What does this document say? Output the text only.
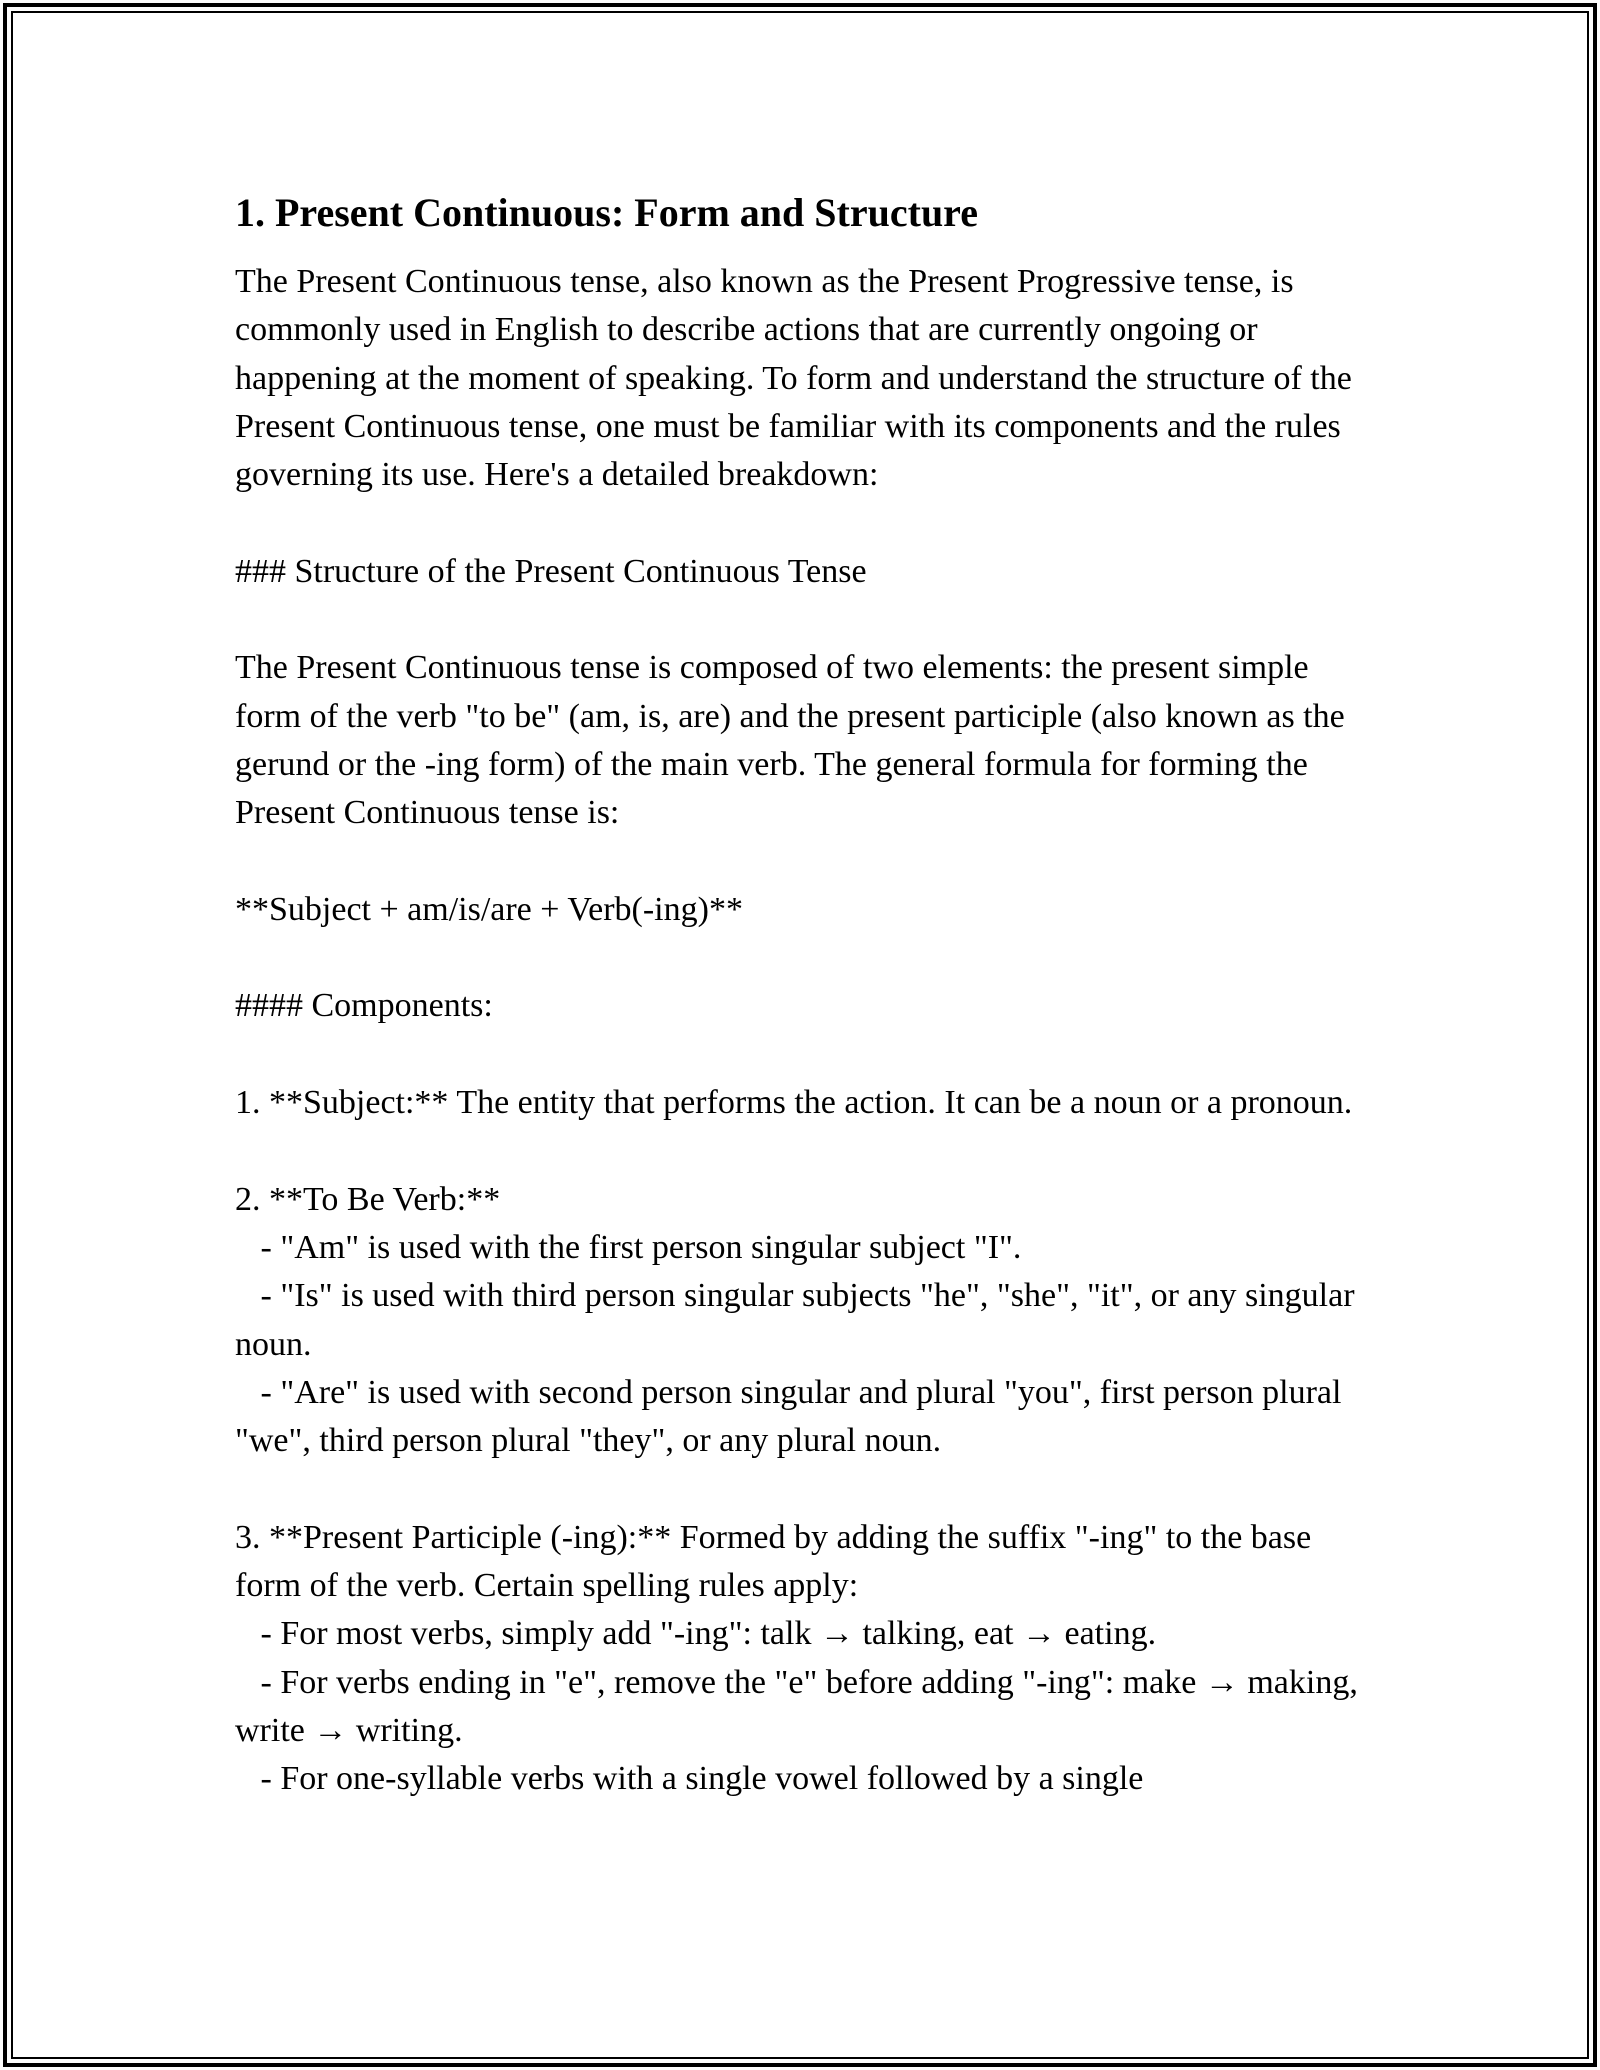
1. Present Continuous: Form and Structure

The Present Continuous tense, also known as the Present Progressive tense, is commonly used in English to describe actions that are currently ongoing or happening at the moment of speaking. To form and understand the structure of the Present Continuous tense, one must be familiar with its components and the rules governing its use. Here's a detailed breakdown:

### Structure of the Present Continuous Tense

The Present Continuous tense is composed of two elements: the present simple form of the verb "to be" (am, is, are) and the present participle (also known as the gerund or the -ing form) of the main verb. The general formula for forming the Present Continuous tense is:

**Subject + am/is/are + Verb(-ing)**

#### Components:

1. **Subject:** The entity that performs the action. It can be a noun or a pronoun.

2. **To Be Verb:**

- "Am" is used with the first person singular subject "I".

- "Is" is used with third person singular subjects "he", "she", "it", or any singular noun.

- "Are" is used with second person singular and plural "you", first person plural "we", third person plural "they", or any plural noun.

3. **Present Participle (-ing):** Formed by adding the suffix "-ing" to the base form of the verb. Certain spelling rules apply:

- For most verbs, simply add "-ing": talk → talking, eat → eating.

- For verbs ending in "e", remove the "e" before adding "-ing": make → making, write → writing.

- For one-syllable verbs with a single vowel followed by a single
